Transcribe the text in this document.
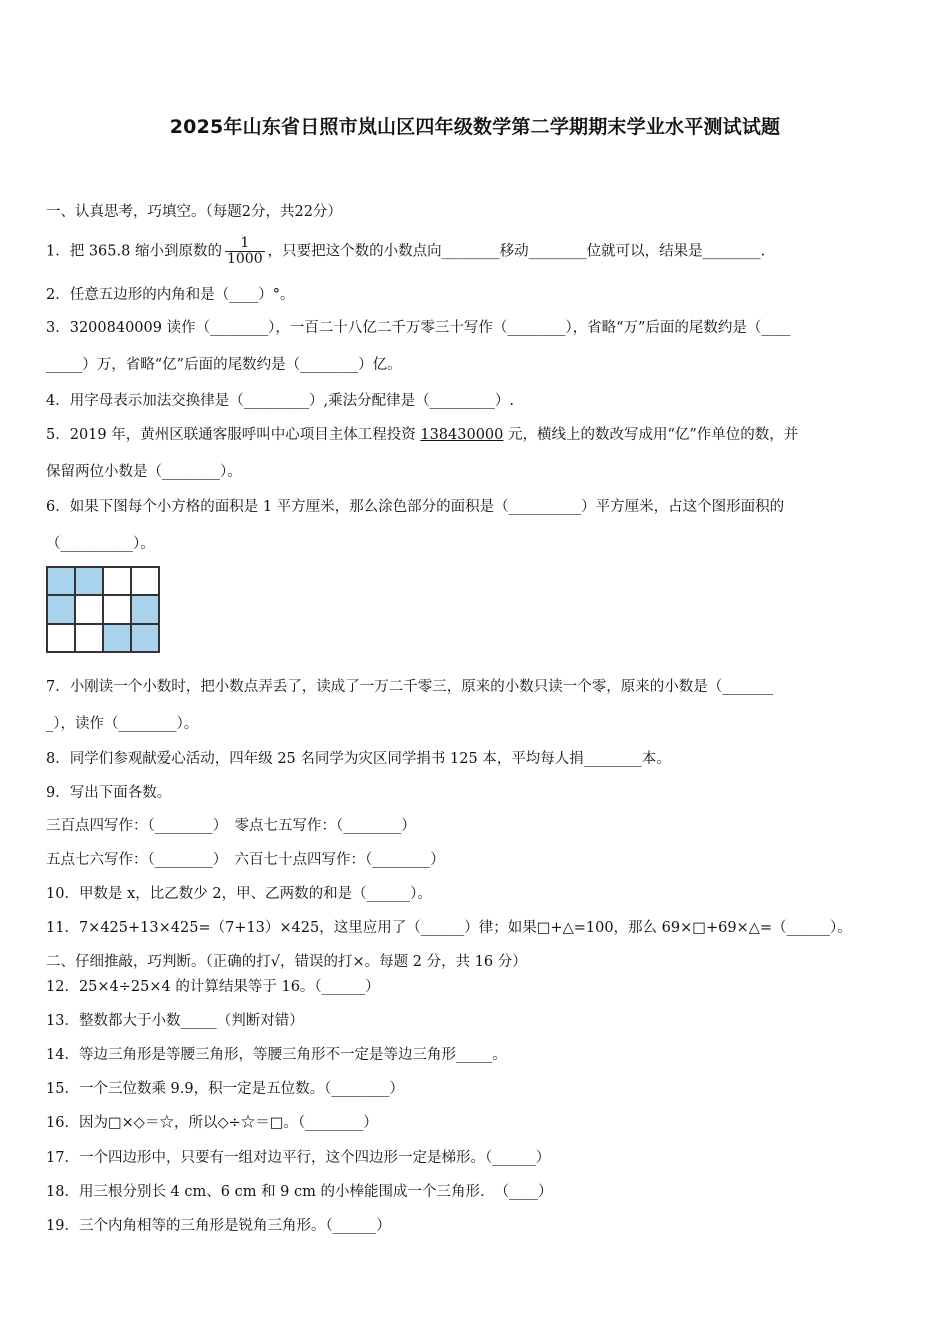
2025年山东省日照市岚山区四年级数学第二学期期末学业水平测试试题
一、认真思考，巧填空。（每题2分，共22分）
1．把 365.8 缩小到原数的 $\frac{1}{1000}$ ，只要把这个数的小数点向________移动________位就可以，结果是________.
2．任意五边形的内角和是（____）°。
3．3200840009 读作（________），一百二十八亿二千万零三十写作（________），省略“万”后面的尾数约是（____
_____）万，省略“亿”后面的尾数约是（________）亿。
4．用字母表示加法交换律是（_________）,乘法分配律是（_________）.
5．2019 年，黄州区联通客服呼叫中心项目主体工程投资 138430000 元，横线上的数改写成用“亿”作单位的数，并
保留两位小数是（________）。
6．如果下图每个小方格的面积是 1 平方厘米，那么涂色部分的面积是（__________）平方厘米，占这个图形面积的
（__________）。
7．小刚读一个小数时，把小数点弄丢了，读成了一万二千零三，原来的小数只读一个零，原来的小数是（_______
_），读作（________）。
8．同学们参观献爱心活动，四年级 25 名同学为灾区同学捐书 125 本，平均每人捐________本。
9．写出下面各数。
三百点四写作：（________）　零点七五写作：（________）
五点七六写作：（________）　六百七十点四写作：（________）
10．甲数是 x，比乙数少 2，甲、乙两数的和是（______）。
11．7×425+13×425=（7+13）×425，这里应用了（______）律；如果□+△=100，那么 69×□+69×△=（______）。
二、仔细推敲，巧判断。（正确的打√，错误的打×。每题 2 分，共 16 分）
12．25×4÷25×4 的计算结果等于 16。（______）
13．整数都大于小数_____（判断对错）
14．等边三角形是等腰三角形，等腰三角形不一定是等边三角形_____。
15．一个三位数乘 9.9，积一定是五位数。（________）
16．因为□×◇＝☆，所以◇÷☆＝□。（________）
17．一个四边形中，只要有一组对边平行，这个四边形一定是梯形。（______）
18．用三根分别长 4 cm、6 cm 和 9 cm 的小棒能围成一个三角形．　（____）
19．三个内角相等的三角形是锐角三角形。（______）
